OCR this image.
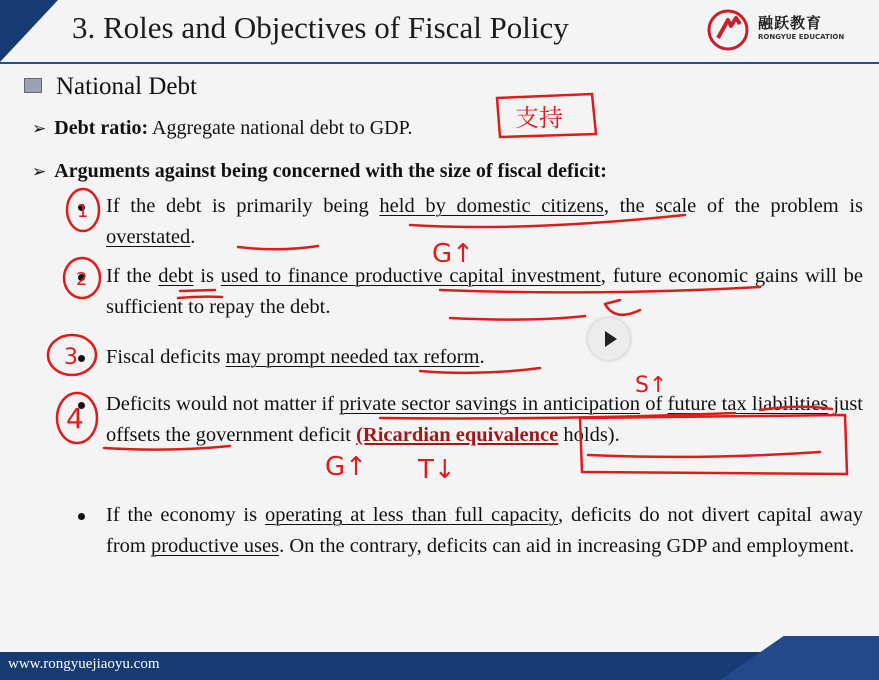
3. Roles and Objectives of Fiscal Policy	融跃教育
RONGYUE EDUCATION
National Debt
➢ Debt ratio: Aggregate national debt to GDP.
➢ Arguments against being concerned with the size of fiscal deficit:
If the debt is primarily being held by domestic citizens, the scale of the problem is overstated.
If the debt is used to finance productive capital investment, future economic gains will be sufficient to repay the debt.
Fiscal deficits may prompt needed tax reform.
Deficits would not matter if private sector savings in anticipation of future tax liabilities just offsets the government deficit (Ricardian equivalence holds).
If the economy is operating at less than full capacity, deficits do not divert capital away from productive uses. On the contrary, deficits can aid in increasing GDP and employment.
支持
1
2
3
4
G↑
S↑
G↑ T↓
www.rongyuejiaoyu.com
